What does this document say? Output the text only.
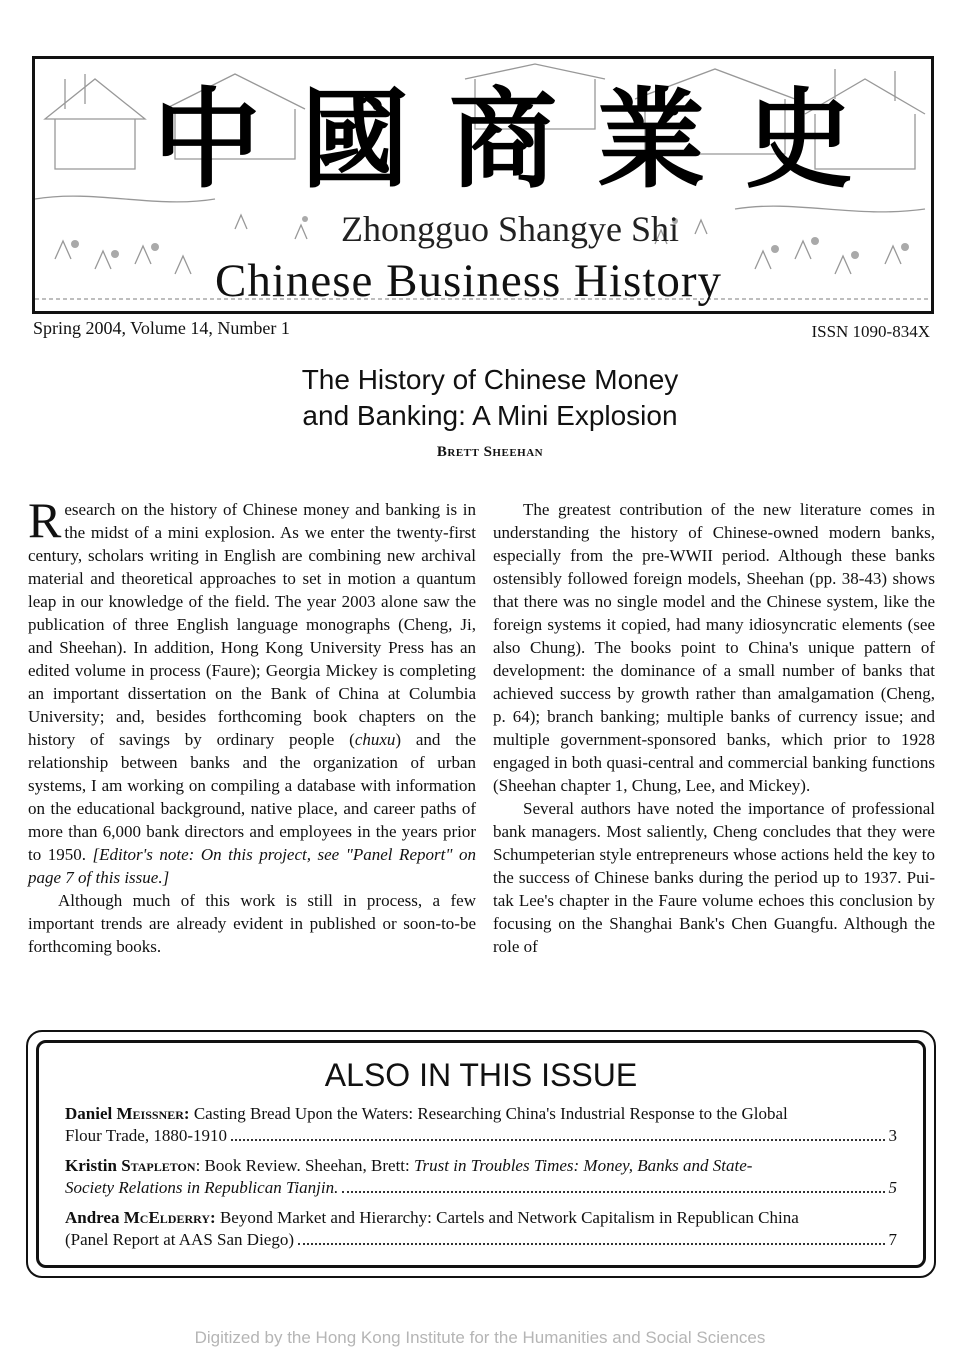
中國商業史
Zhongguo Shangye Shi
Chinese Business History
Spring 2004, Volume 14, Number 1	ISSN 1090-834X
The History of Chinese Money
and Banking: A Mini Explosion
Brett Sheehan

Research on the history of Chinese money and banking is in the midst of a mini explosion. As we enter the twenty-first century, scholars writing in English are combining new archival material and theoretical approaches to set in motion a quantum leap in our knowledge of the field. The year 2003 alone saw the publication of three English language monographs (Cheng, Ji, and Sheehan). In addition, Hong Kong University Press has an edited volume in process (Faure); Georgia Mickey is completing an important dissertation on the Bank of China at Columbia University; and, besides forthcoming book chapters on the history of savings by ordinary people (chuxu) and the relationship between banks and the organization of urban systems, I am working on compiling a database with information on the educational background, native place, and career paths of more than 6,000 bank directors and employees in the years prior to 1950. [Editor's note: On this project, see "Panel Report" on page 7 of this issue.]

Although much of this work is still in process, a few important trends are already evident in published or soon-to-be forthcoming books.

The greatest contribution of the new literature comes in understanding the history of Chinese-owned modern banks, especially from the pre-WWII period. Although these banks ostensibly followed foreign models, Sheehan (pp. 38-43) shows that there was no single model and the Chinese system, like the foreign systems it copied, had many idiosyncratic elements (see also Chung). The books point to China's unique pattern of development: the dominance of a small number of banks that achieved success by growth rather than amalgamation (Cheng, p. 64); branch banking; multiple banks of currency issue; and multiple government-sponsored banks, which prior to 1928 engaged in both quasi-central and commercial banking functions (Sheehan chapter 1, Chung, Lee, and Mickey).

Several authors have noted the importance of professional bank managers. Most saliently, Cheng concludes that they were Schumpeterian style entrepreneurs whose actions held the key to the success of Chinese banks during the period up to 1937. Pui-tak Lee's chapter in the Faure volume echoes this conclusion by focusing on the Shanghai Bank's Chen Guangfu. Although the role of

ALSO IN THIS ISSUE
Daniel Meissner: Casting Bread Upon the Waters: Researching China's Industrial Response to the Global
Flour Trade, 1880-1910	3
Kristin Stapleton: Book Review. Sheehan, Brett: Trust in Troubles Times: Money, Banks and State-
Society Relations in Republican Tianjin.	5
Andrea McElderry: Beyond Market and Hierarchy: Cartels and Network Capitalism in Republican China
(Panel Report at AAS San Diego)	7
Digitized by the Hong Kong Institute for the Humanities and Social Sciences
